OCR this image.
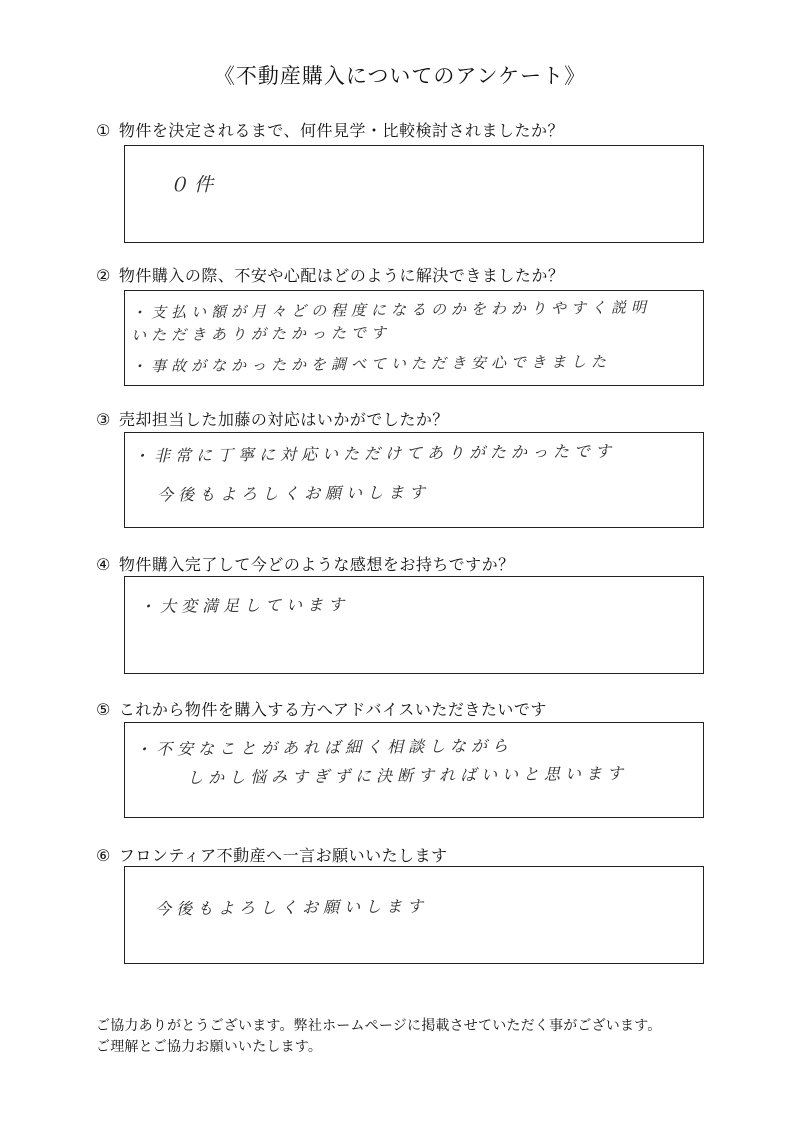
《不動産購入についてのアンケート》
① 物件を決定されるまで、何件見学・比較検討されましたか？
０件
② 物件購入の際、不安や心配はどのように解決できましたか？
・支払い額が月々どの程度になるのかをわかりやすく説明
いただきありがたかったです
・事故がなかったかを調べていただき安心できました
③ 売却担当した加藤の対応はいかがでしたか？
・非常に丁寧に対応いただけてありがたかったです
今後もよろしくお願いします
④ 物件購入完了して今どのような感想をお持ちですか？
・大変満足しています
⑤ これから物件を購入する方へアドバイスいただきたいです
・不安なことがあれば細く相談しながら
しかし悩みすぎずに決断すればいいと思います
⑥ フロンティア不動産へ一言お願いいたします
今後もよろしくお願いします
ご協力ありがとうございます。弊社ホームページに掲載させていただく事がございます。
ご理解とご協力お願いいたします。
